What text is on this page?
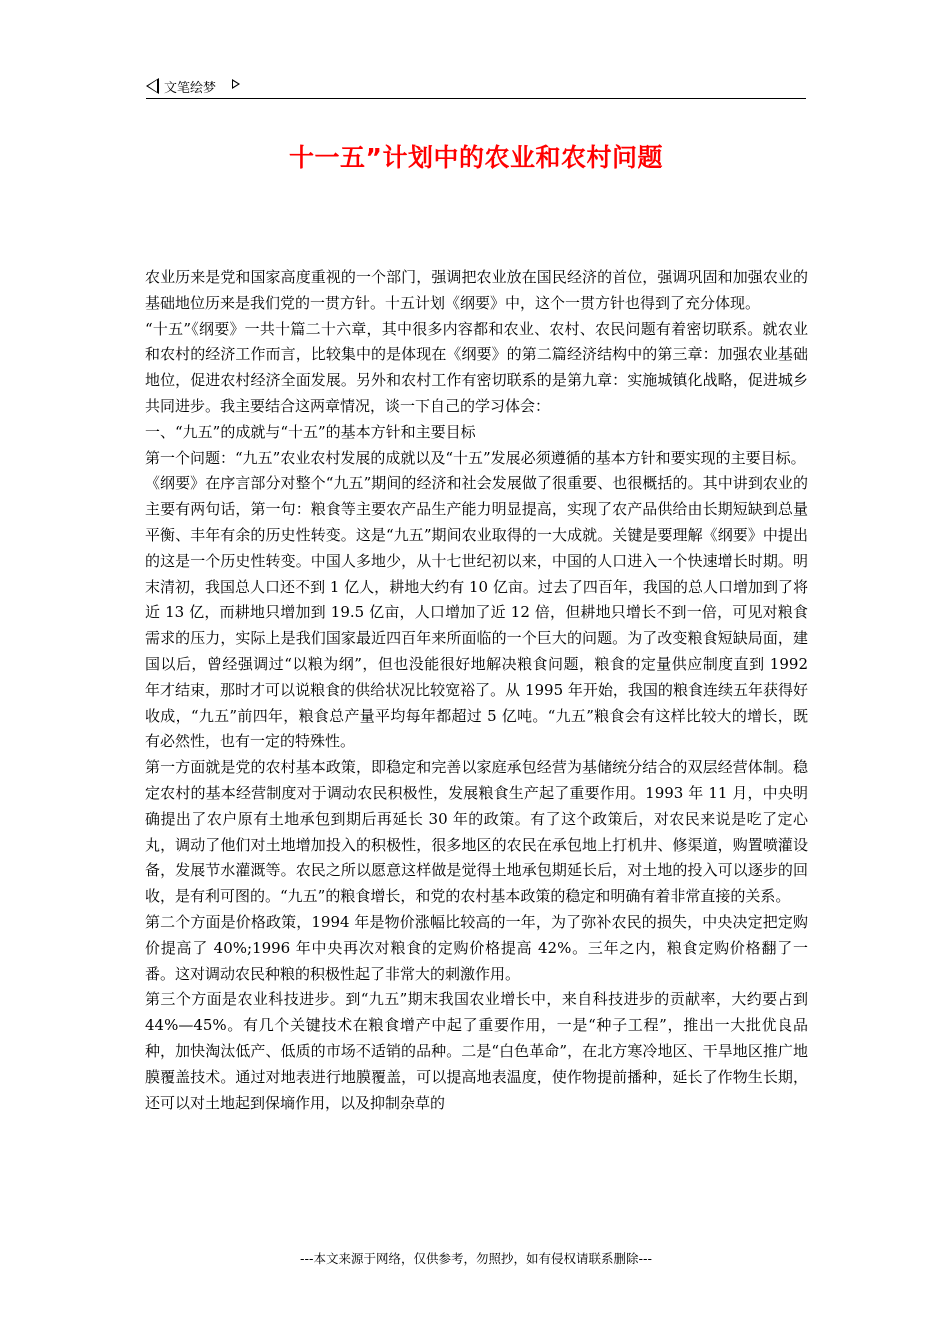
文笔绘梦
十一五”计划中的农业和农村问题

农业历来是党和国家高度重视的一个部门，强调把农业放在国民经济的首位，强调巩固和加强农业的基础地位历来是我们党的一贯方针。十五计划《纲要》中，这个一贯方针也得到了充分体现。

“十五”《纲要》一共十篇二十六章，其中很多内容都和农业、农村、农民问题有着密切联系。就农业和农村的经济工作而言，比较集中的是体现在《纲要》的第二篇经济结构中的第三章：加强农业基础地位，促进农村经济全面发展。另外和农村工作有密切联系的是第九章：实施城镇化战略，促进城乡共同进步。我主要结合这两章情况，谈一下自己的学习体会：

一、“九五”的成就与“十五”的基本方针和主要目标

第一个问题：“九五”农业农村发展的成就以及“十五”发展必须遵循的基本方针和要实现的主要目标。

《纲要》在序言部分对整个“九五”期间的经济和社会发展做了很重要、也很概括的。其中讲到农业的主要有两句话，第一句：粮食等主要农产品生产能力明显提高，实现了农产品供给由长期短缺到总量平衡、丰年有余的历史性转变。这是“九五”期间农业取得的一大成就。关键是要理解《纲要》中提出的这是一个历史性转变。中国人多地少，从十七世纪初以来，中国的人口进入一个快速增长时期。明末清初，我国总人口还不到 1 亿人，耕地大约有 10 亿亩。过去了四百年，我国的总人口增加到了将近 13 亿，而耕地只增加到 19.5 亿亩，人口增加了近 12 倍，但耕地只增长不到一倍，可见对粮食需求的压力，实际上是我们国家最近四百年来所面临的一个巨大的问题。为了改变粮食短缺局面，建国以后，曾经强调过“以粮为纲”，但也没能很好地解决粮食问题，粮食的定量供应制度直到 1992 年才结束，那时才可以说粮食的供给状况比较宽裕了。从 1995 年开始，我国的粮食连续五年获得好收成，“九五”前四年，粮食总产量平均每年都超过 5 亿吨。“九五”粮食会有这样比较大的增长，既有必然性，也有一定的特殊性。

第一方面就是党的农村基本政策，即稳定和完善以家庭承包经营为基储统分结合的双层经营体制。稳定农村的基本经营制度对于调动农民积极性，发展粮食生产起了重要作用。1993 年 11 月，中央明确提出了农户原有土地承包到期后再延长 30 年的政策。有了这个政策后，对农民来说是吃了定心丸，调动了他们对土地增加投入的积极性，很多地区的农民在承包地上打机井、修渠道，购置喷灌设备，发展节水灌溉等。农民之所以愿意这样做是觉得土地承包期延长后，对土地的投入可以逐步的回收，是有利可图的。“九五”的粮食增长，和党的农村基本政策的稳定和明确有着非常直接的关系。

第二个方面是价格政策，1994 年是物价涨幅比较高的一年，为了弥补农民的损失，中央决定把定购价提高了 40%;1996 年中央再次对粮食的定购价格提高 42%。三年之内，粮食定购价格翻了一番。这对调动农民种粮的积极性起了非常大的刺激作用。

第三个方面是农业科技进步。到“九五”期末我国农业增长中，来自科技进步的贡献率，大约要占到 44%—45%。有几个关键技术在粮食增产中起了重要作用，一是“种子工程”，推出一大批优良品种，加快淘汰低产、低质的市场不适销的品种。二是“白色革命”，在北方寒冷地区、干旱地区推广地膜覆盖技术。通过对地表进行地膜覆盖，可以提高地表温度，使作物提前播种，延长了作物生长期，还可以对土地起到保墒作用，以及抑制杂草的

---本文来源于网络，仅供参考，勿照抄，如有侵权请联系删除---
